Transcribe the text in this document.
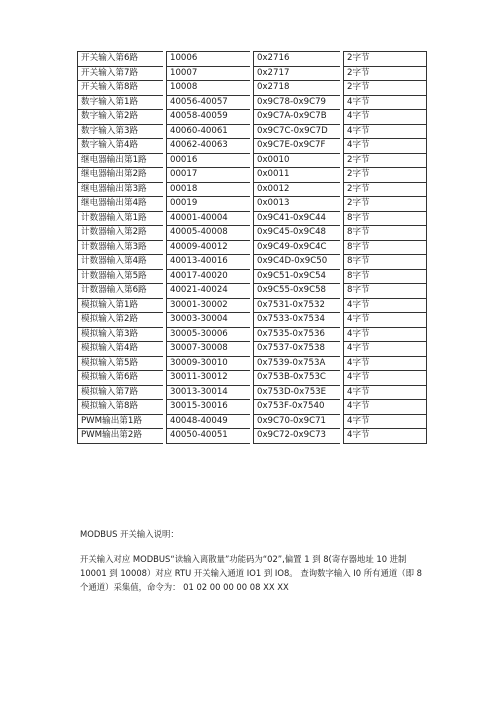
开关输入第6路		10006		0x2716		2字节
开关输入第7路		10007		0x2717		2字节
开关输入第8路		10008		0x2718		2字节
数字输入第1路		40056-40057		0x9C78-0x9C79		4字节
数字输入第2路		40058-40059		0x9C7A-0x9C7B		4字节
数字输入第3路		40060-40061		0x9C7C-0x9C7D		4字节
数字输入第4路		40062-40063		0x9C7E-0x9C7F		4字节
继电器输出第1路		00016		0x0010		2字节
继电器输出第2路		00017		0x0011		2字节
继电器输出第3路		00018		0x0012		2字节
继电器输出第4路		00019		0x0013		2字节
计数器输入第1路		40001-40004		0x9C41-0x9C44		8字节
计数器输入第2路		40005-40008		0x9C45-0x9C48		8字节
计数器输入第3路		40009-40012		0x9C49-0x9C4C		8字节
计数器输入第4路		40013-40016		0x9C4D-0x9C50		8字节
计数器输入第5路		40017-40020		0x9C51-0x9C54		8字节
计数器输入第6路		40021-40024		0x9C55-0x9C58		8字节
模拟输入第1路		30001-30002		0x7531-0x7532		4字节
模拟输入第2路		30003-30004		0x7533-0x7534		4字节
模拟输入第3路		30005-30006		0x7535-0x7536		4字节
模拟输入第4路		30007-30008		0x7537-0x7538		4字节
模拟输入第5路		30009-30010		0x7539-0x753A		4字节
模拟输入第6路		30011-30012		0x753B-0x753C		4字节
模拟输入第7路		30013-30014		0x753D-0x753E		4字节
模拟输入第8路		30015-30016		0x753F-0x7540		4字节
PWM输出第1路		40048-40049		0x9C70-0x9C71		4字节
PWM输出第2路		40050-40051		0x9C72-0x9C73		4字节
MODBUS 开关输入说明：
开关输入对应 MODBUS“读输入离散量”功能码为“02”,偏置 1 到 8(寄存器地址 10 进制 10001 到 10008）对应 RTU 开关输入通道 IO1 到 IO8。 查询数字输入 I0 所有通道（即 8 个通道）采集值，命令为： 01 02 00 00 00 08 XX XX
